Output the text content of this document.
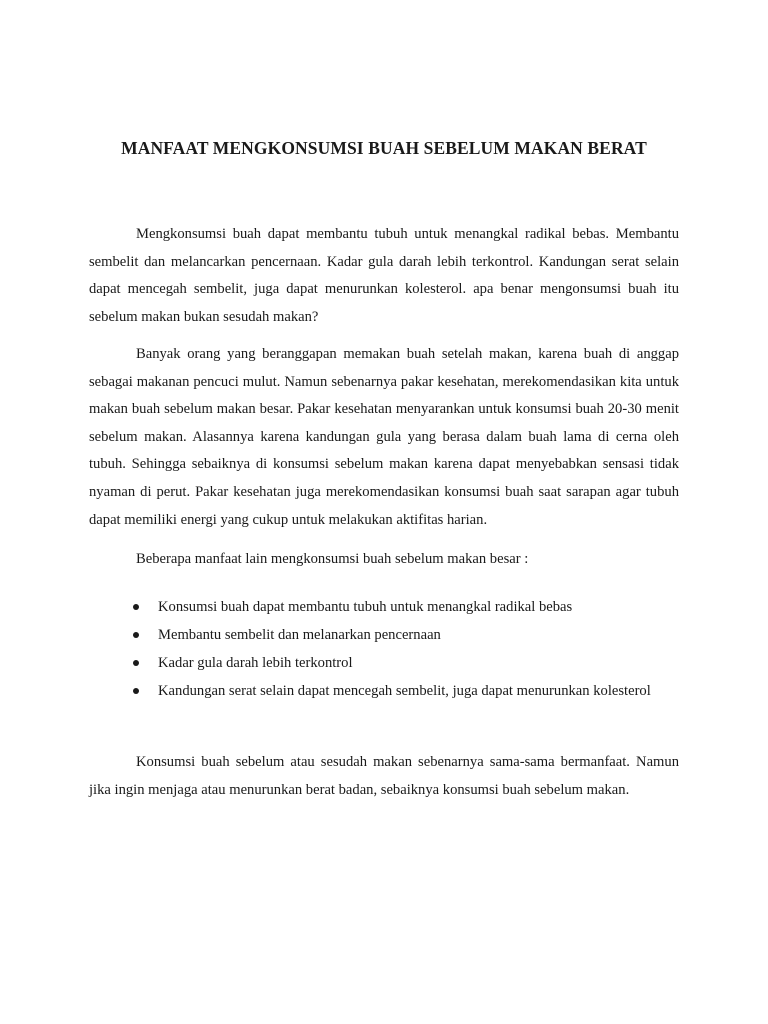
MANFAAT MENGKONSUMSI BUAH SEBELUM MAKAN BERAT

Mengkonsumsi buah dapat membantu tubuh untuk menangkal radikal bebas. Membantu sembelit dan melancarkan pencernaan. Kadar gula darah lebih terkontrol. Kandungan serat selain dapat mencegah sembelit, juga dapat menurunkan kolesterol. apa benar mengonsumsi buah itu sebelum makan bukan sesudah makan?

Banyak orang yang beranggapan memakan buah setelah makan, karena buah di anggap sebagai makanan pencuci mulut. Namun sebenarnya pakar kesehatan, merekomendasikan kita untuk makan buah sebelum makan besar. Pakar kesehatan menyarankan untuk konsumsi buah 20-30 menit sebelum makan. Alasannya karena kandungan gula yang berasa dalam buah lama di cerna oleh tubuh. Sehingga sebaiknya di konsumsi sebelum makan karena dapat menyebabkan sensasi tidak nyaman di perut. Pakar kesehatan juga merekomendasikan konsumsi buah saat sarapan agar tubuh dapat memiliki energi yang cukup untuk melakukan aktifitas harian.

Beberapa manfaat lain mengkonsumsi buah sebelum makan besar :

Konsumsi buah dapat membantu tubuh untuk menangkal radikal bebas
Membantu sembelit dan melanarkan pencernaan
Kadar gula darah lebih terkontrol
Kandungan serat selain dapat mencegah sembelit, juga dapat menurunkan kolesterol

Konsumsi buah sebelum atau sesudah makan sebenarnya sama-sama bermanfaat. Namun jika ingin menjaga atau menurunkan berat badan, sebaiknya konsumsi buah sebelum makan.
